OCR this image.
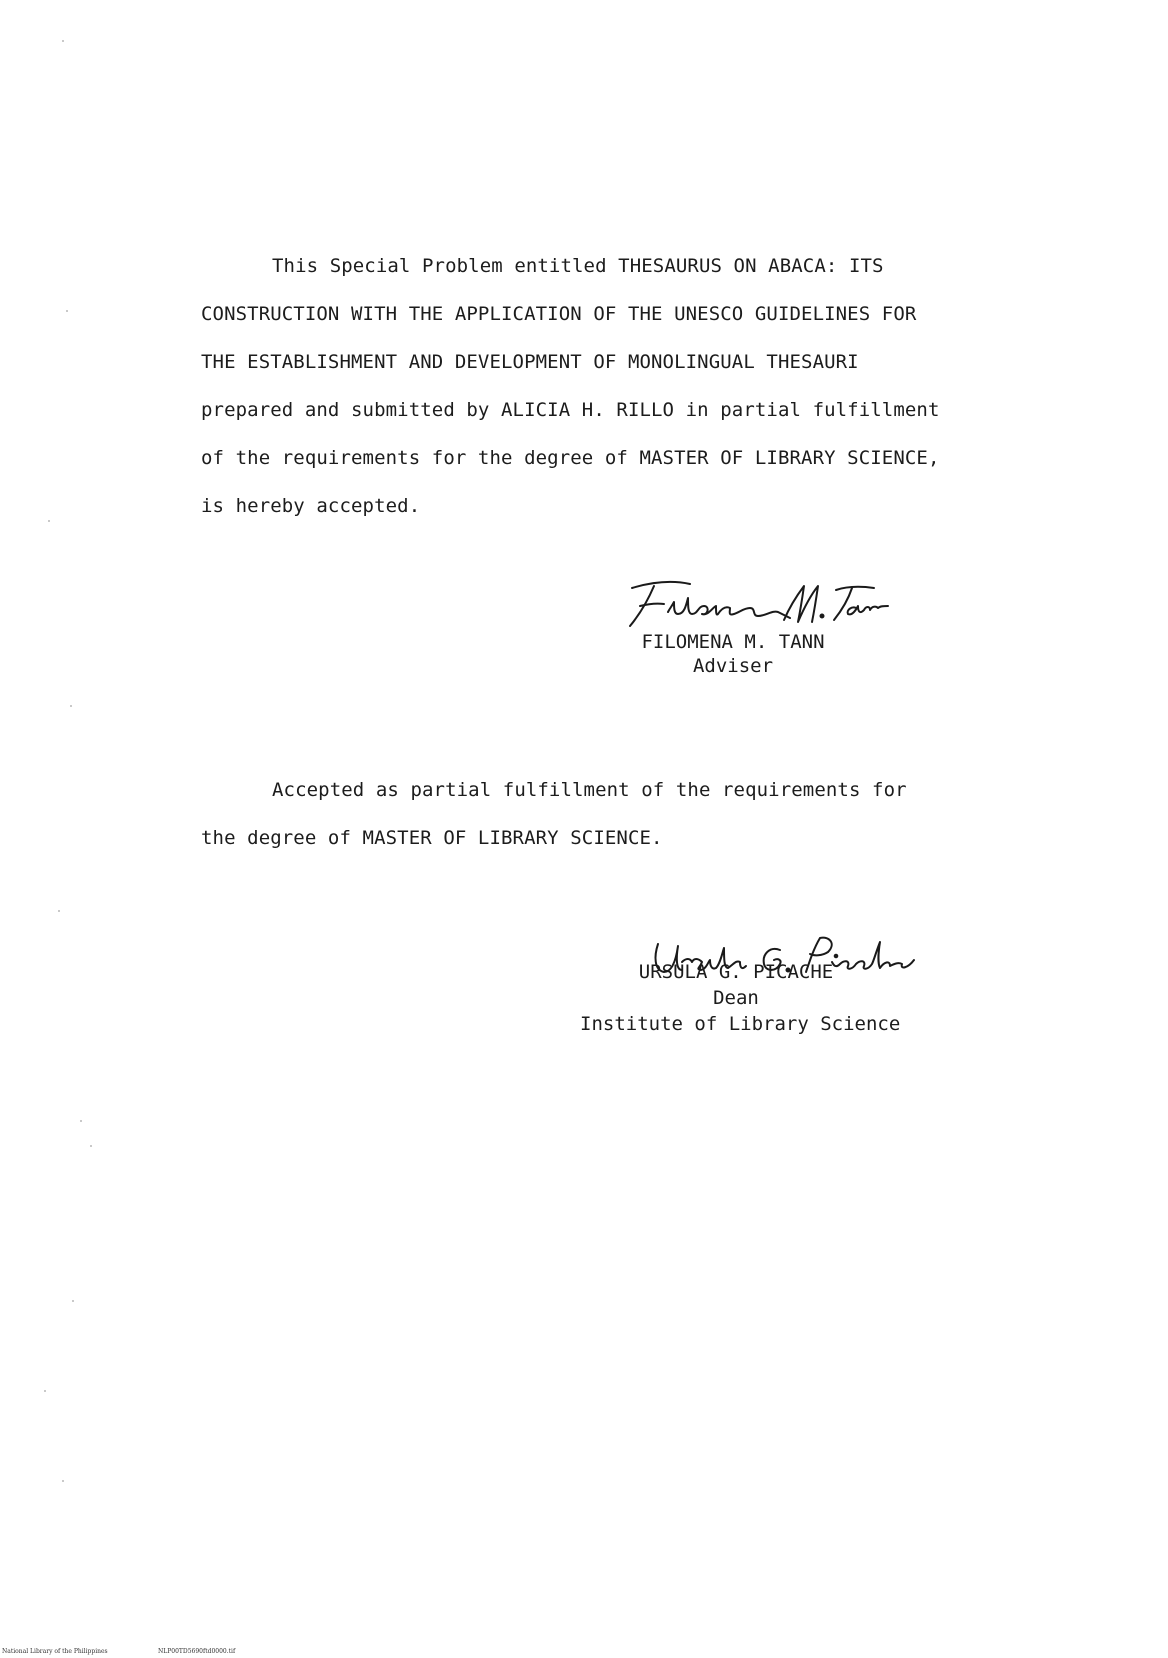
This Special Problem entitled THESAURUS ON ABACA: ITS
CONSTRUCTION WITH THE APPLICATION OF THE UNESCO GUIDELINES FOR
THE ESTABLISHMENT AND DEVELOPMENT OF MONOLINGUAL THESAURI
prepared and submitted by ALICIA H. RILLO in partial fulfillment
of the requirements for the degree of MASTER OF LIBRARY SCIENCE,
is hereby accepted.
FILOMENA M. TANN
Adviser
Accepted as partial fulfillment of the requirements for
the degree of MASTER OF LIBRARY SCIENCE.
URSULA G. PICACHE
Dean
Institute of Library Science
National Library of the Philippines	NLP00TD5690ftd0000.tif
